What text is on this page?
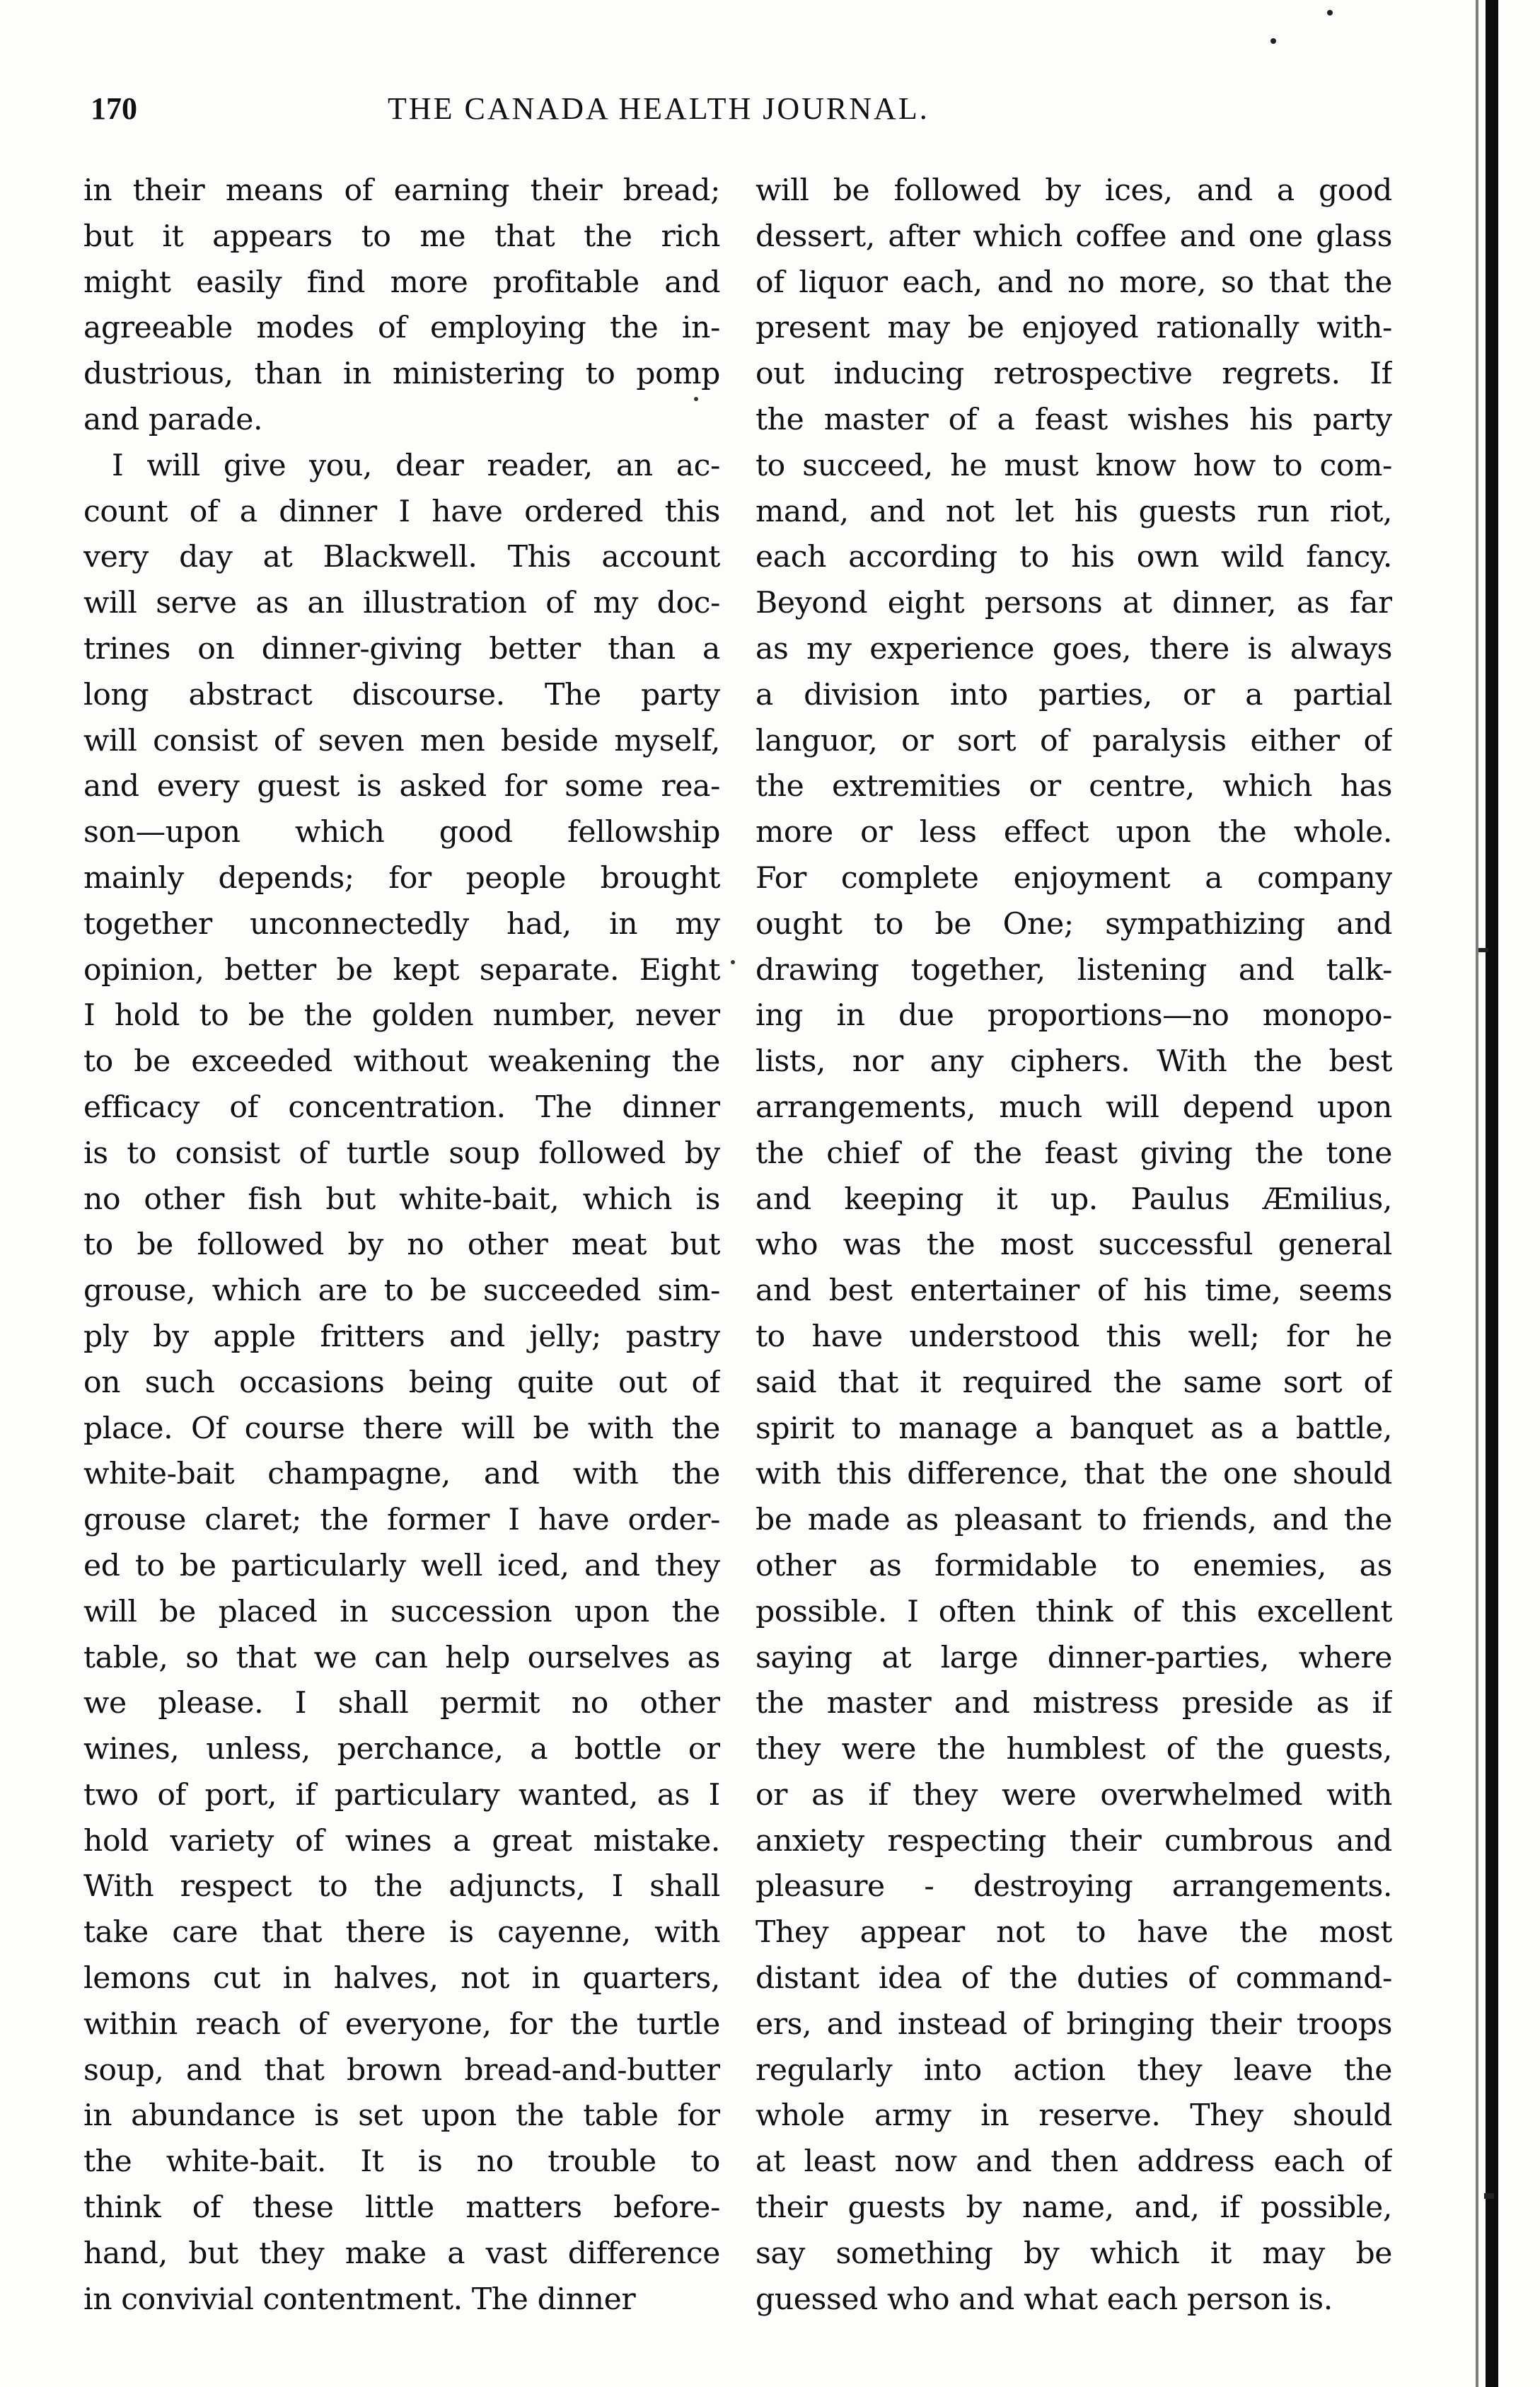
170	THE CANADA HEALTH JOURNAL.
in their means of earning their bread;
but it appears to me that the rich
might easily find more profitable and
agreeable modes of employing the in-
dustrious, than in ministering to pomp
and parade.
I will give you, dear reader, an ac-
count of a dinner I have ordered this
very day at Blackwell. This account
will serve as an illustration of my doc-
trines on dinner-giving better than a
long abstract discourse. The party
will consist of seven men beside myself,
and every guest is asked for some rea-
son—upon which good fellowship
mainly depends; for people brought
together unconnectedly had, in my
opinion, better be kept separate. Eight
I hold to be the golden number, never
to be exceeded without weakening the
efficacy of concentration. The dinner
is to consist of turtle soup followed by
no other fish but white-bait, which is
to be followed by no other meat but
grouse, which are to be succeeded sim-
ply by apple fritters and jelly; pastry
on such occasions being quite out of
place. Of course there will be with the
white-bait champagne, and with the
grouse claret; the former I have order-
ed to be particularly well iced, and they
will be placed in succession upon the
table, so that we can help ourselves as
we please. I shall permit no other
wines, unless, perchance, a bottle or
two of port, if particulary wanted, as I
hold variety of wines a great mistake.
With respect to the adjuncts, I shall
take care that there is cayenne, with
lemons cut in halves, not in quarters,
within reach of everyone, for the turtle
soup, and that brown bread-and-butter
in abundance is set upon the table for
the white-bait. It is no trouble to
think of these little matters before-
hand, but they make a vast difference
in convivial contentment. The dinner
will be followed by ices, and a good
dessert, after which coffee and one glass
of liquor each, and no more, so that the
present may be enjoyed rationally with-
out inducing retrospective regrets. If
the master of a feast wishes his party
to succeed, he must know how to com-
mand, and not let his guests run riot,
each according to his own wild fancy.
Beyond eight persons at dinner, as far
as my experience goes, there is always
a division into parties, or a partial
languor, or sort of paralysis either of
the extremities or centre, which has
more or less effect upon the whole.
For complete enjoyment a company
ought to be One; sympathizing and
drawing together, listening and talk-
ing in due proportions—no monopo-
lists, nor any ciphers. With the best
arrangements, much will depend upon
the chief of the feast giving the tone
and keeping it up. Paulus Æmilius,
who was the most successful general
and best entertainer of his time, seems
to have understood this well; for he
said that it required the same sort of
spirit to manage a banquet as a battle,
with this difference, that the one should
be made as pleasant to friends, and the
other as formidable to enemies, as
possible. I often think of this excellent
saying at large dinner-parties, where
the master and mistress preside as if
they were the humblest of the guests,
or as if they were overwhelmed with
anxiety respecting their cumbrous and
pleasure - destroying arrangements.
They appear not to have the most
distant idea of the duties of command-
ers, and instead of bringing their troops
regularly into action they leave the
whole army in reserve. They should
at least now and then address each of
their guests by name, and, if possible,
say something by which it may be
guessed who and what each person is.
